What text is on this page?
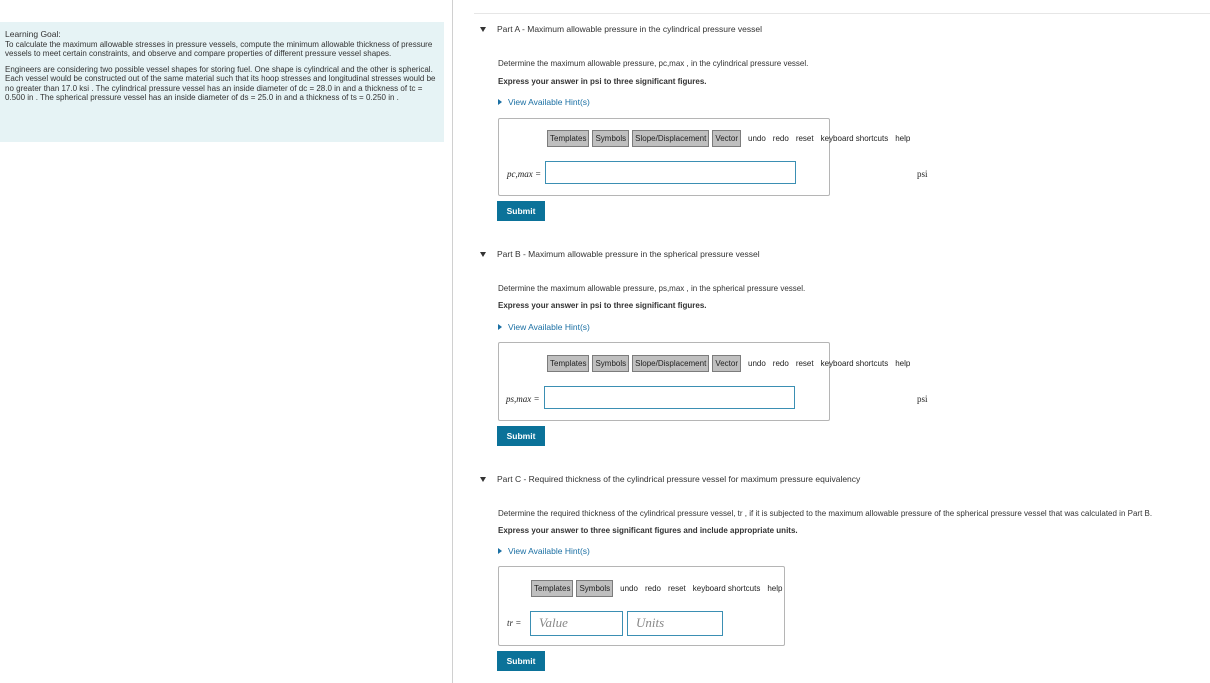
Learning Goal:

To calculate the maximum allowable stresses in pressure vessels, compute the minimum allowable thickness of pressure vessels to meet certain constraints, and observe and compare properties of different pressure vessel shapes.

Engineers are considering two possible vessel shapes for storing fuel. One shape is cylindrical and the other is spherical. Each vessel would be constructed out of the same material such that its hoop stresses and longitudinal stresses would be no greater than 17.0 ksi . The cylindrical pressure vessel has an inside diameter of dc = 28.0 in and a thickness of tc = 0.500 in . The spherical pressure vessel has an inside diameter of ds = 25.0 in and a thickness of ts = 0.250 in .

Part A - Maximum allowable pressure in the cylindrical pressure vessel
Determine the maximum allowable pressure, pc,max , in the cylindrical pressure vessel.
Express your answer in psi to three significant figures.
View Available Hint(s)
Templates	Symbols	Slope/Displacement	Vector	undo redo reset keyboard shortcuts help
pc,max =	psi
Submit
Part B - Maximum allowable pressure in the spherical pressure vessel
Determine the maximum allowable pressure, ps,max , in the spherical pressure vessel.
Express your answer in psi to three significant figures.
View Available Hint(s)
Templates	Symbols	Slope/Displacement	Vector	undo redo reset keyboard shortcuts help
ps,max =	psi
Submit
Part C - Required thickness of the cylindrical pressure vessel for maximum pressure equivalency
Determine the required thickness of the cylindrical pressure vessel, tr , if it is subjected to the maximum allowable pressure of the spherical pressure vessel that was calculated in Part B.
Express your answer to three significant figures and include appropriate units.
View Available Hint(s)
Templates	Symbols	undo redo reset keyboard shortcuts help
tr =	Value	Units
Submit
